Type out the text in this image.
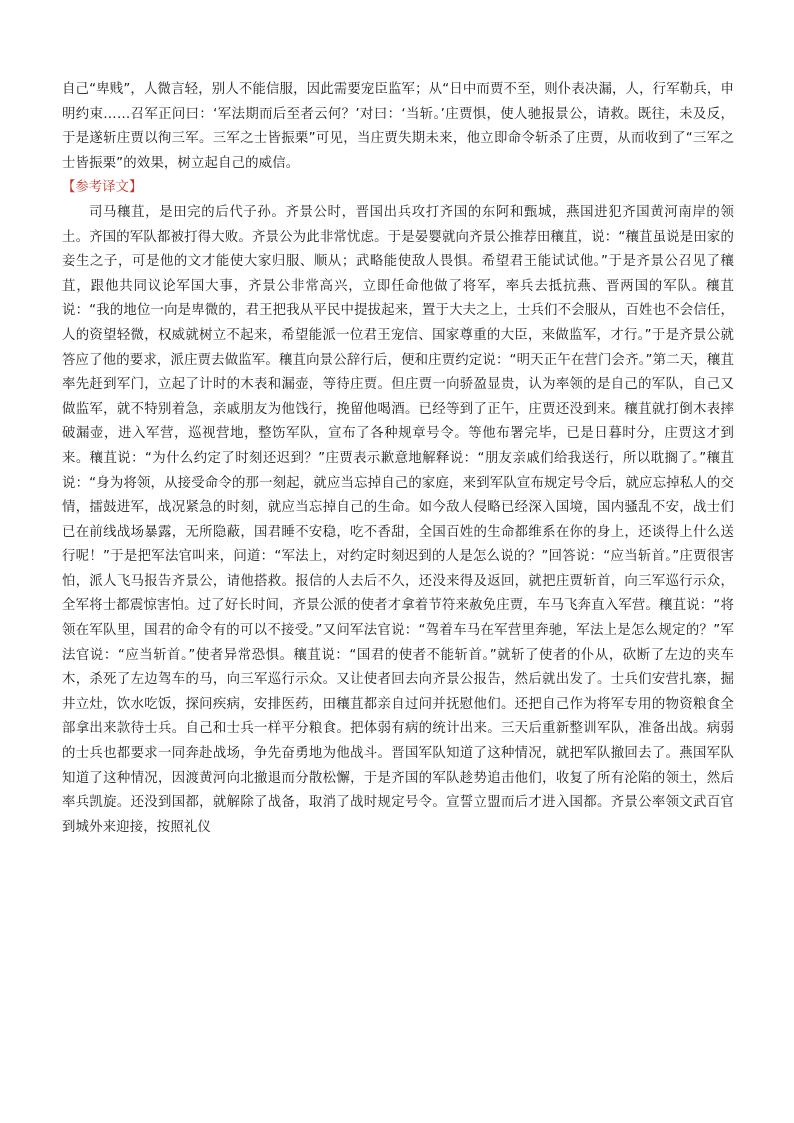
自己“卑贱”，人微言轻，别人不能信服，因此需要宠臣监军；从“日中而贾不至，则仆表决漏，人，行军勒兵，申明约束……召军正问曰：‘军法期而后至者云何？’对曰：‘当斩。’庄贾惧，使人驰报景公，请救。既往，未及反，于是遂斩庄贾以徇三军。三军之士皆振栗”可见，当庄贾失期未来，他立即命令斩杀了庄贾，从而收到了“三军之士皆振栗”的效果，树立起自己的威信。

【参考译文】

司马穰苴，是田完的后代子孙。齐景公时，晋国出兵攻打齐国的东阿和甄城，燕国进犯齐国黄河南岸的领土。齐国的军队都被打得大败。齐景公为此非常忧虑。于是晏婴就向齐景公推荐田穰苴，说：“穰苴虽说是田家的妾生之子，可是他的文才能使大家归服、顺从；武略能使敌人畏惧。希望君王能试试他。”于是齐景公召见了穰苴，跟他共同议论军国大事，齐景公非常高兴，立即任命他做了将军，率兵去抵抗燕、晋两国的军队。穰苴说：“我的地位一向是卑微的，君王把我从平民中提拔起来，置于大夫之上，士兵们不会服从，百姓也不会信任，人的资望轻微，权威就树立不起来，希望能派一位君王宠信、国家尊重的大臣，来做监军，才行。”于是齐景公就答应了他的要求，派庄贾去做监军。穰苴向景公辞行后，便和庄贾约定说：“明天正午在营门会齐。”第二天，穰苴率先赶到军门，立起了计时的木表和漏壶，等待庄贾。但庄贾一向骄盈显贵，认为率领的是自己的军队，自己又做监军，就不特别着急，亲戚朋友为他饯行，挽留他喝酒。已经等到了正午，庄贾还没到来。穰苴就打倒木表摔破漏壶，进入军营，巡视营地，整饬军队，宣布了各种规章号令。等他布署完毕，已是日暮时分，庄贾这才到来。穰苴说：“为什么约定了时刻还迟到？”庄贾表示歉意地解释说：“朋友亲戚们给我送行，所以耽搁了。”穰苴说：“身为将领，从接受命令的那一刻起，就应当忘掉自己的家庭，来到军队宣布规定号令后，就应忘掉私人的交情，擂鼓进军，战况紧急的时刻，就应当忘掉自己的生命。如今敌人侵略已经深入国境，国内骚乱不安，战士们已在前线战场暴露，无所隐蔽，国君睡不安稳，吃不香甜，全国百姓的生命都维系在你的身上，还谈得上什么送行呢！”于是把军法官叫来，问道：“军法上，对约定时刻迟到的人是怎么说的？”回答说：“应当斩首。”庄贾很害怕，派人飞马报告齐景公，请他搭救。报信的人去后不久，还没来得及返回，就把庄贾斩首，向三军巡行示众，全军将士都震惊害怕。过了好长时间，齐景公派的使者才拿着节符来赦免庄贾，车马飞奔直入军营。穰苴说：“将领在军队里，国君的命令有的可以不接受。”又问军法官说：“驾着车马在军营里奔驰，军法上是怎么规定的？”军法官说：“应当斩首。”使者异常恐惧。穰苴说：“国君的使者不能斩首。”就斩了使者的仆从，砍断了左边的夹车木，杀死了左边驾车的马，向三军巡行示众。又让使者回去向齐景公报告，然后就出发了。士兵们安营扎寨，掘井立灶，饮水吃饭，探问疾病，安排医药，田穰苴都亲自过问并抚慰他们。还把自己作为将军专用的物资粮食全部拿出来款待士兵。自己和士兵一样平分粮食。把体弱有病的统计出来。三天后重新整训军队，准备出战。病弱的士兵也都要求一同奔赴战场，争先奋勇地为他战斗。晋国军队知道了这种情况，就把军队撤回去了。燕国军队知道了这种情况，因渡黄河向北撤退而分散松懈，于是齐国的军队趁势追击他们，收复了所有沦陷的领土，然后率兵凯旋。还没到国都，就解除了战备，取消了战时规定号令。宣誓立盟而后才进入国都。齐景公率领文武百官到城外来迎接，按照礼仪
